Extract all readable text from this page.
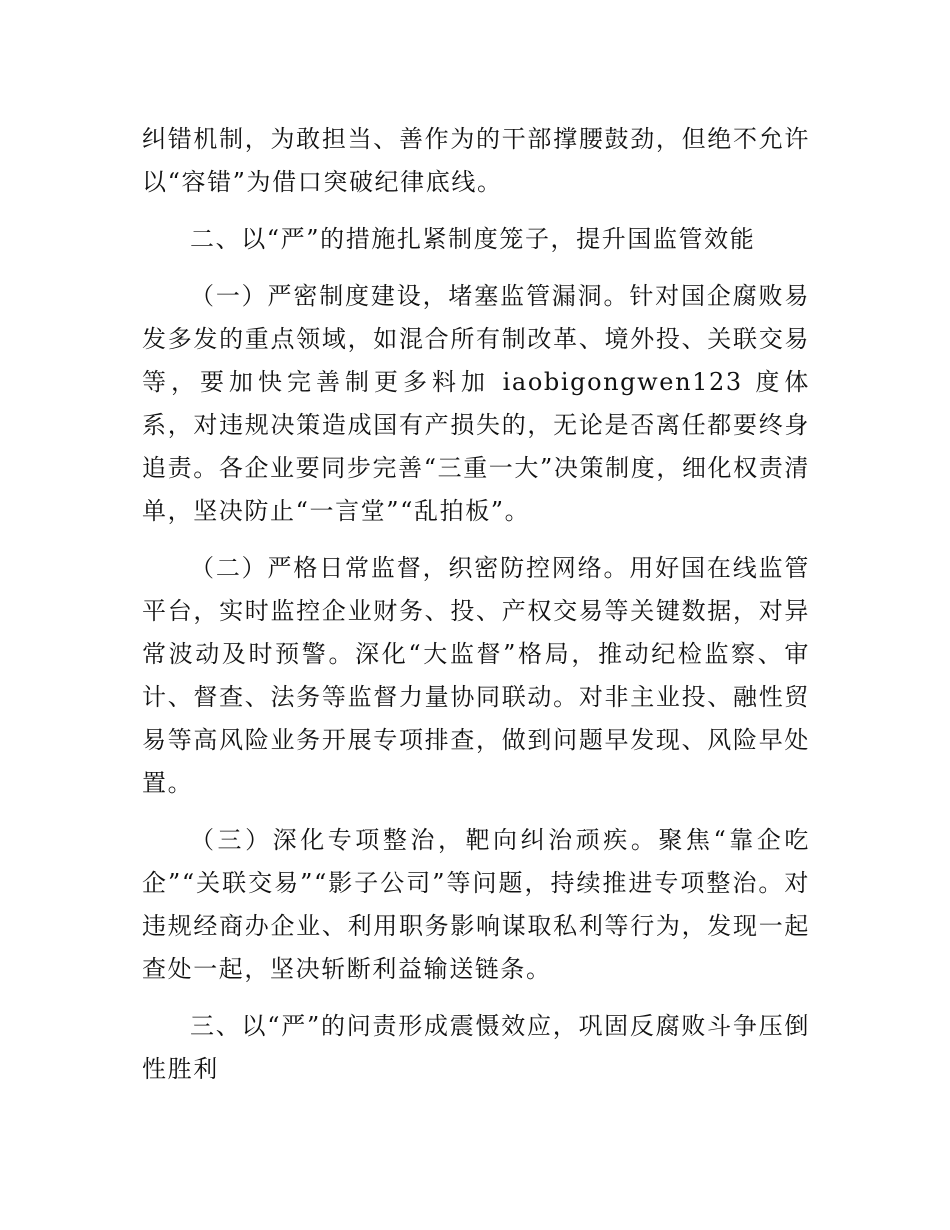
纠错机制，为敢担当、善作为的干部撑腰鼓劲，但绝不允许以“容错”为借口突破纪律底线。

二、以“严”的措施扎紧制度笼子，提升国监管效能

（一）严密制度建设，堵塞监管漏洞。针对国企腐败易发多发的重点领域，如混合所有制改革、境外投、关联交易等，要加快完善制更多料加 iaobigongwen123 度体系，对违规决策造成国有产损失的，无论是否离任都要终身追责。各企业要同步完善“三重一大”决策制度，细化权责清单，坚决防止“一言堂”“乱拍板”。

（二）严格日常监督，织密防控网络。用好国在线监管平台，实时监控企业财务、投、产权交易等关键数据，对异常波动及时预警。深化“大监督”格局，推动纪检监察、审计、督查、法务等监督力量协同联动。对非主业投、融性贸易等高风险业务开展专项排查，做到问题早发现、风险早处置。

（三）深化专项整治，靶向纠治顽疾。聚焦“靠企吃企”“关联交易”“影子公司”等问题，持续推进专项整治。对违规经商办企业、利用职务影响谋取私利等行为，发现一起查处一起，坚决斩断利益输送链条。

三、以“严”的问责形成震慑效应，巩固反腐败斗争压倒性胜利
